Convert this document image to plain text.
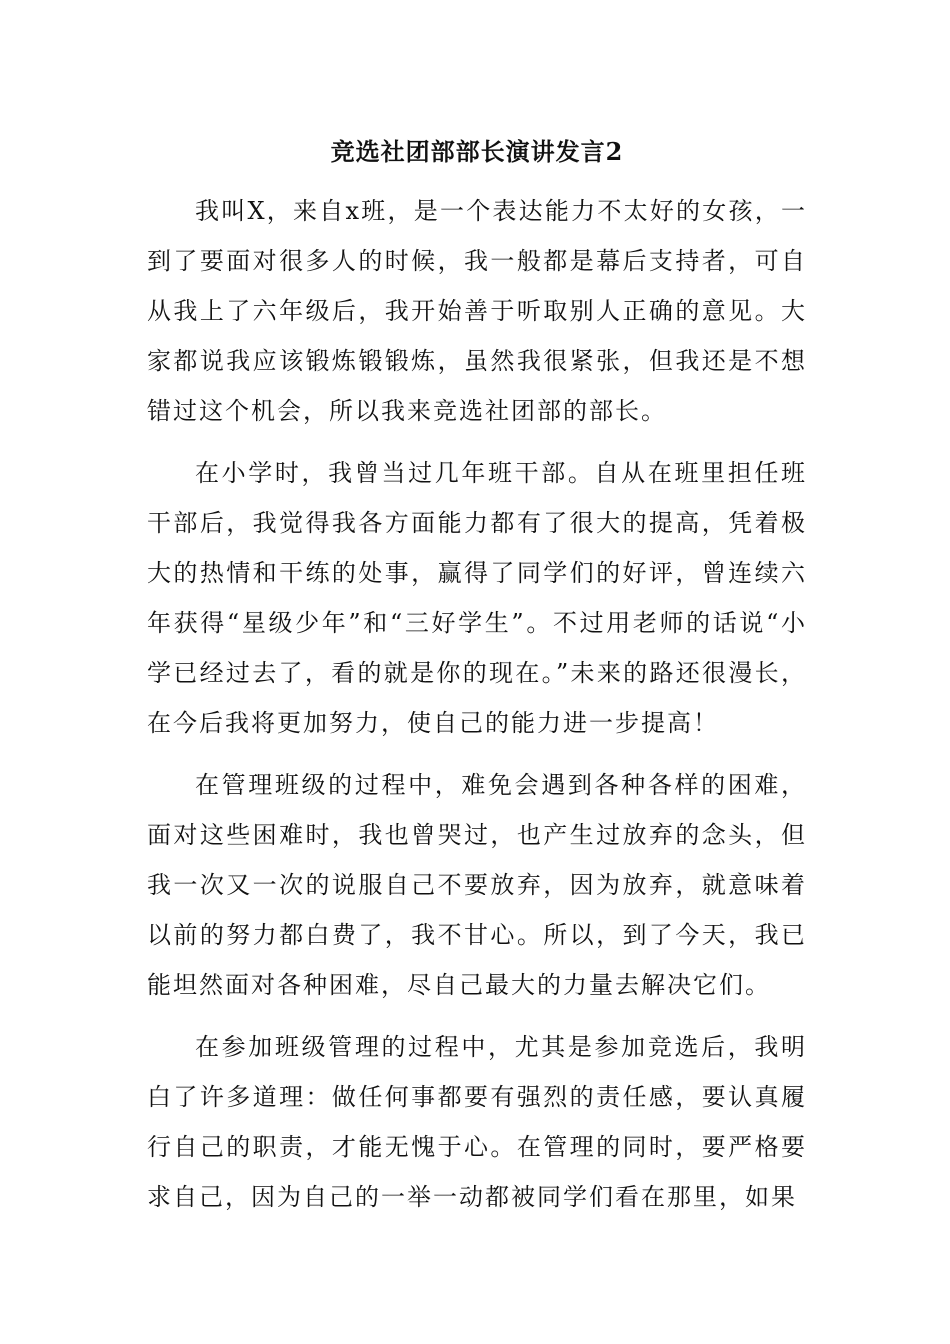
竞选社团部部长演讲发言2

我叫X，来自x班，是一个表达能力不太好的女孩，一到了要面对很多人的时候，我一般都是幕后支持者，可自从我上了六年级后，我开始善于听取别人正确的意见。大家都说我应该锻炼锻锻炼，虽然我很紧张，但我还是不想错过这个机会，所以我来竞选社团部的部长。

在小学时，我曾当过几年班干部。自从在班里担任班干部后，我觉得我各方面能力都有了很大的提高，凭着极大的热情和干练的处事，赢得了同学们的好评，曾连续六年获得“星级少年”和“三好学生”。不过用老师的话说“小学已经过去了，看的就是你的现在。”未来的路还很漫长，在今后我将更加努力，使自己的能力进一步提高！

在管理班级的过程中，难免会遇到各种各样的困难，面对这些困难时，我也曾哭过，也产生过放弃的念头，但我一次又一次的说服自己不要放弃，因为放弃，就意味着以前的努力都白费了，我不甘心。所以，到了今天，我已能坦然面对各种困难，尽自己最大的力量去解决它们。

在参加班级管理的过程中，尤其是参加竞选后，我明白了许多道理：做任何事都要有强烈的责任感，要认真履行自己的职责，才能无愧于心。在管理的同时，要严格要求自己，因为自己的一举一动都被同学们看在那里，如果
